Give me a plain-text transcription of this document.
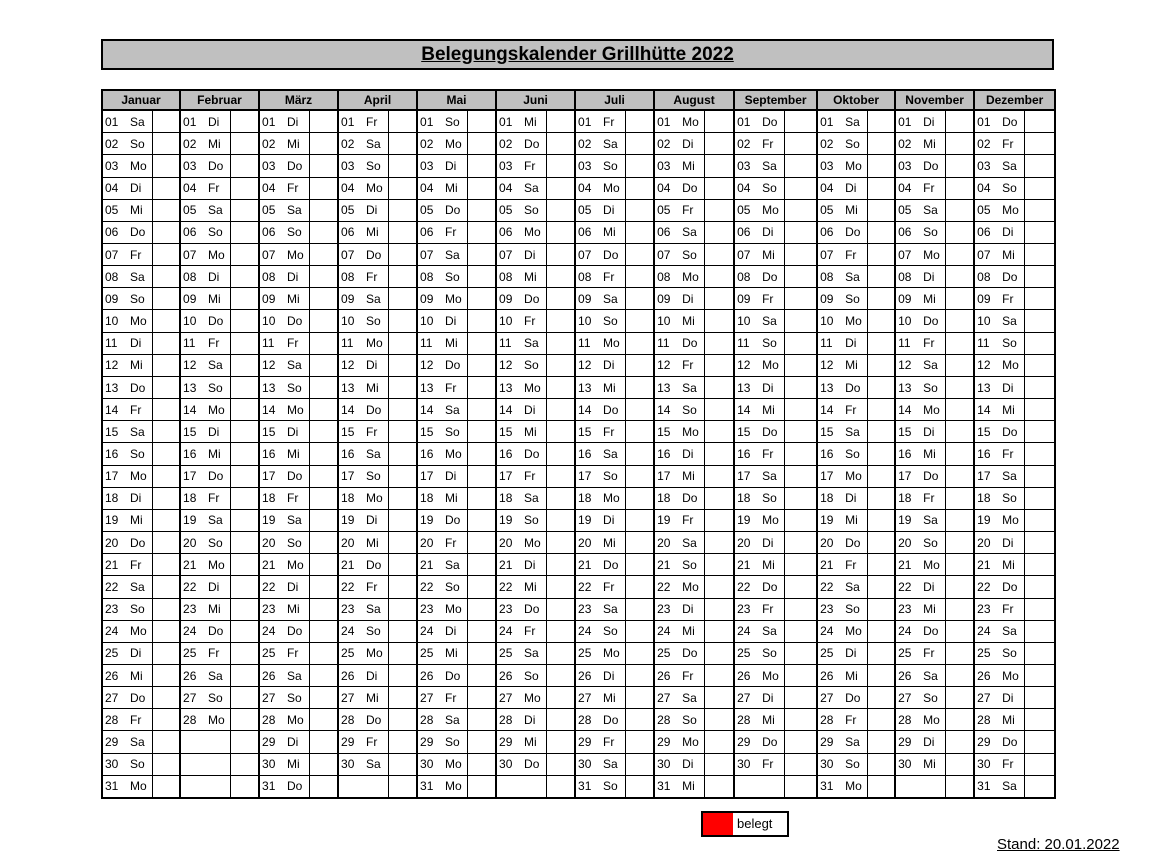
Belegungskalender Grillhütte 2022
Januar			Februar			März			April			Mai			Juni			Juli			August			September			Oktober			November			Dezember		
01	Sa		01	Di		01	Di		01	Fr		01	So		01	Mi		01	Fr		01	Mo		01	Do		01	Sa		01	Di		01	Do	
02	So		02	Mi		02	Mi		02	Sa		02	Mo		02	Do		02	Sa		02	Di		02	Fr		02	So		02	Mi		02	Fr	
03	Mo		03	Do		03	Do		03	So		03	Di		03	Fr		03	So		03	Mi		03	Sa		03	Mo		03	Do		03	Sa	
04	Di		04	Fr		04	Fr		04	Mo		04	Mi		04	Sa		04	Mo		04	Do		04	So		04	Di		04	Fr		04	So	
05	Mi		05	Sa		05	Sa		05	Di		05	Do		05	So		05	Di		05	Fr		05	Mo		05	Mi		05	Sa		05	Mo	
06	Do		06	So		06	So		06	Mi		06	Fr		06	Mo		06	Mi		06	Sa		06	Di		06	Do		06	So		06	Di	
07	Fr		07	Mo		07	Mo		07	Do		07	Sa		07	Di		07	Do		07	So		07	Mi		07	Fr		07	Mo		07	Mi	
08	Sa		08	Di		08	Di		08	Fr		08	So		08	Mi		08	Fr		08	Mo		08	Do		08	Sa		08	Di		08	Do	
09	So		09	Mi		09	Mi		09	Sa		09	Mo		09	Do		09	Sa		09	Di		09	Fr		09	So		09	Mi		09	Fr	
10	Mo		10	Do		10	Do		10	So		10	Di		10	Fr		10	So		10	Mi		10	Sa		10	Mo		10	Do		10	Sa	
11	Di		11	Fr		11	Fr		11	Mo		11	Mi		11	Sa		11	Mo		11	Do		11	So		11	Di		11	Fr		11	So	
12	Mi		12	Sa		12	Sa		12	Di		12	Do		12	So		12	Di		12	Fr		12	Mo		12	Mi		12	Sa		12	Mo	
13	Do		13	So		13	So		13	Mi		13	Fr		13	Mo		13	Mi		13	Sa		13	Di		13	Do		13	So		13	Di	
14	Fr		14	Mo		14	Mo		14	Do		14	Sa		14	Di		14	Do		14	So		14	Mi		14	Fr		14	Mo		14	Mi	
15	Sa		15	Di		15	Di		15	Fr		15	So		15	Mi		15	Fr		15	Mo		15	Do		15	Sa		15	Di		15	Do	
16	So		16	Mi		16	Mi		16	Sa		16	Mo		16	Do		16	Sa		16	Di		16	Fr		16	So		16	Mi		16	Fr	
17	Mo		17	Do		17	Do		17	So		17	Di		17	Fr		17	So		17	Mi		17	Sa		17	Mo		17	Do		17	Sa	
18	Di		18	Fr		18	Fr		18	Mo		18	Mi		18	Sa		18	Mo		18	Do		18	So		18	Di		18	Fr		18	So	
19	Mi		19	Sa		19	Sa		19	Di		19	Do		19	So		19	Di		19	Fr		19	Mo		19	Mi		19	Sa		19	Mo	
20	Do		20	So		20	So		20	Mi		20	Fr		20	Mo		20	Mi		20	Sa		20	Di		20	Do		20	So		20	Di	
21	Fr		21	Mo		21	Mo		21	Do		21	Sa		21	Di		21	Do		21	So		21	Mi		21	Fr		21	Mo		21	Mi	
22	Sa		22	Di		22	Di		22	Fr		22	So		22	Mi		22	Fr		22	Mo		22	Do		22	Sa		22	Di		22	Do	
23	So		23	Mi		23	Mi		23	Sa		23	Mo		23	Do		23	Sa		23	Di		23	Fr		23	So		23	Mi		23	Fr	
24	Mo		24	Do		24	Do		24	So		24	Di		24	Fr		24	So		24	Mi		24	Sa		24	Mo		24	Do		24	Sa	
25	Di		25	Fr		25	Fr		25	Mo		25	Mi		25	Sa		25	Mo		25	Do		25	So		25	Di		25	Fr		25	So	
26	Mi		26	Sa		26	Sa		26	Di		26	Do		26	So		26	Di		26	Fr		26	Mo		26	Mi		26	Sa		26	Mo	
27	Do		27	So		27	So		27	Mi		27	Fr		27	Mo		27	Mi		27	Sa		27	Di		27	Do		27	So		27	Di	
28	Fr		28	Mo		28	Mo		28	Do		28	Sa		28	Di		28	Do		28	So		28	Mi		28	Fr		28	Mo		28	Mi	
29	Sa					29	Di		29	Fr		29	So		29	Mi		29	Fr		29	Mo		29	Do		29	Sa		29	Di		29	Do	
30	So					30	Mi		30	Sa		30	Mo		30	Do		30	Sa		30	Di		30	Fr		30	So		30	Mi		30	Fr	
31	Mo					31	Do					31	Mo					31	So		31	Mi					31	Mo					31	Sa	
belegt
Stand: 20.01.2022
